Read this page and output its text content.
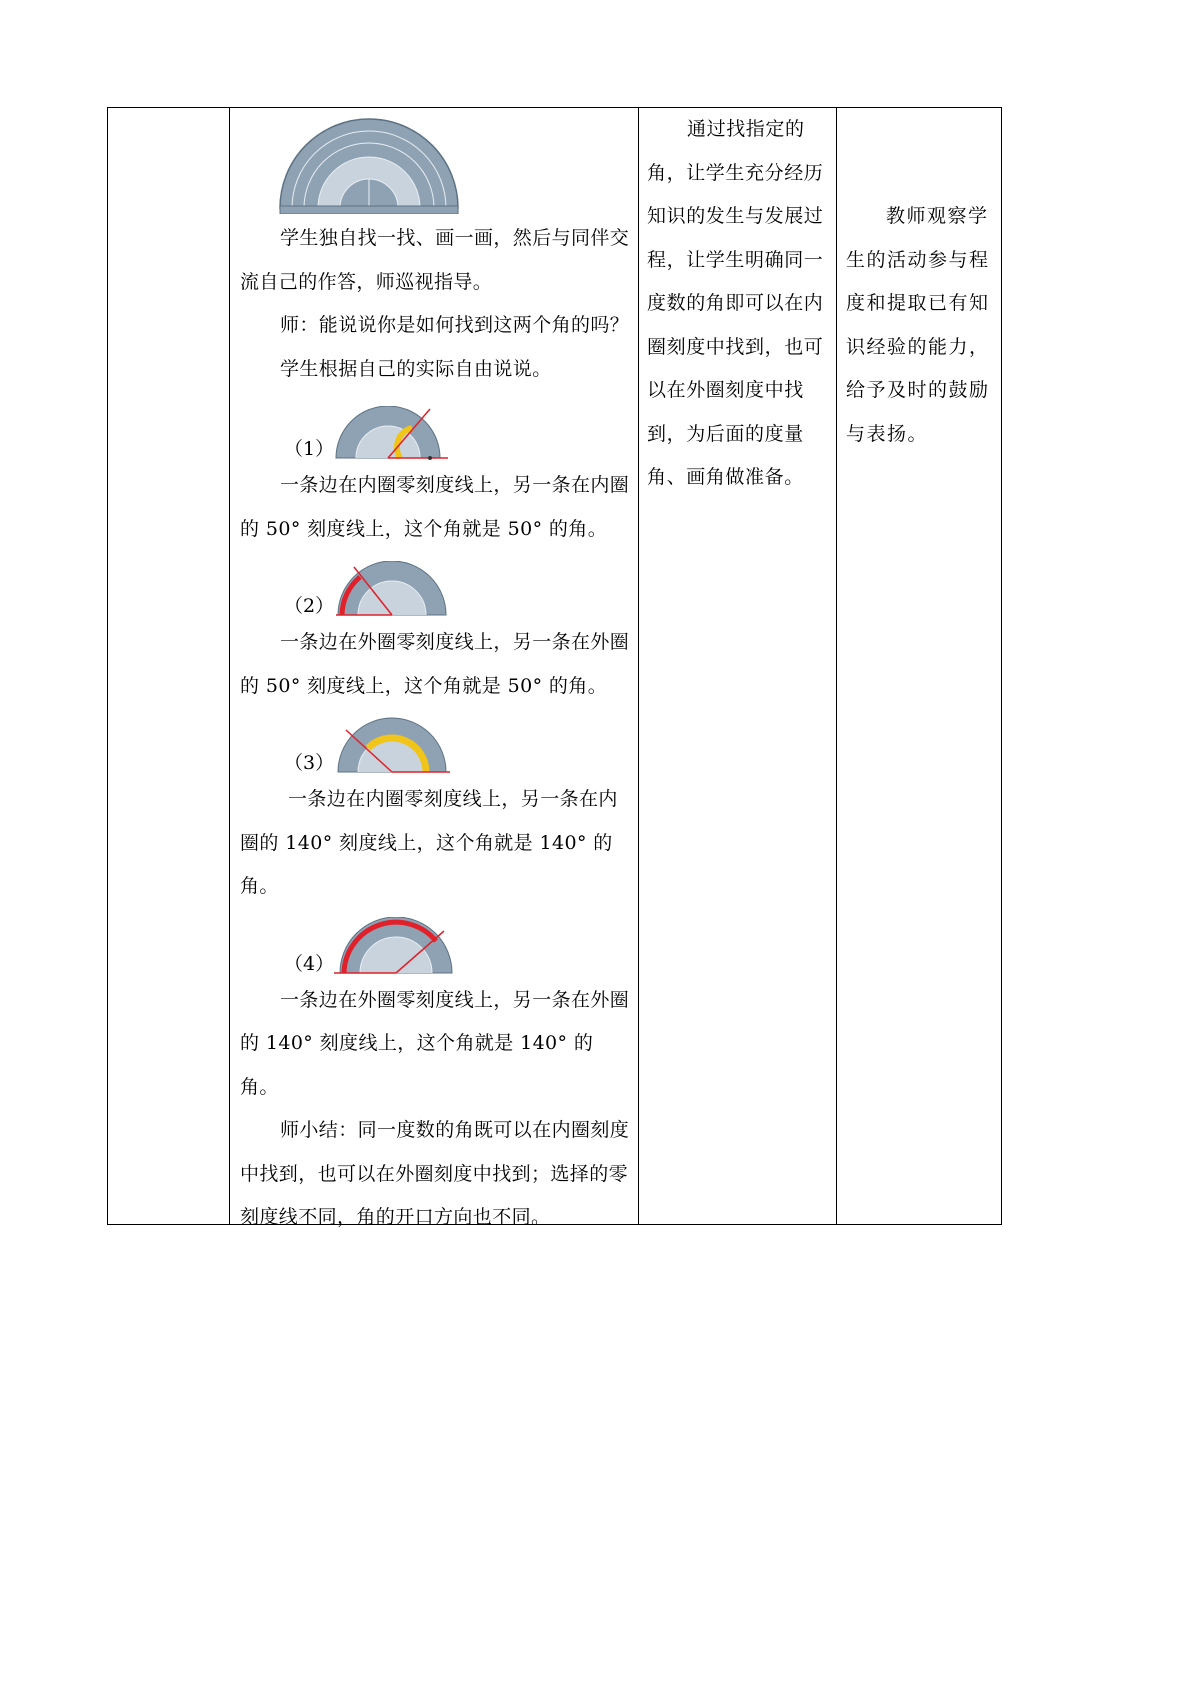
学生独自找一找、画一画，然后与同伴交流自己的作答，师巡视指导。

师：能说说你是如何找到这两个角的吗？

学生根据自己的实际自由说说。

（1）

一条边在内圈零刻度线上，另一条在内圈的 50° 刻度线上，这个角就是 50° 的角。

（2）

一条边在外圈零刻度线上，另一条在外圈的 50° 刻度线上，这个角就是 50° 的角。

（3）

一条边在内圈零刻度线上，另一条在内圈的 140° 刻度线上，这个角就是 140° 的角。

（4）

一条边在外圈零刻度线上，另一条在外圈的 140° 刻度线上，这个角就是 140° 的角。

师小结：同一度数的角既可以在内圈刻度中找到，也可以在外圈刻度中找到；选择的零刻度线不同，角的开口方向也不同。

通过找指定的角，让学生充分经历知识的发生与发展过程，让学生明确同一度数的角即可以在内圈刻度中找到，也可以在外圈刻度中找到，为后面的度量角、画角做准备。

教师观察学生的活动参与程度和提取已有知识经验的能力，给予及时的鼓励与表扬。
